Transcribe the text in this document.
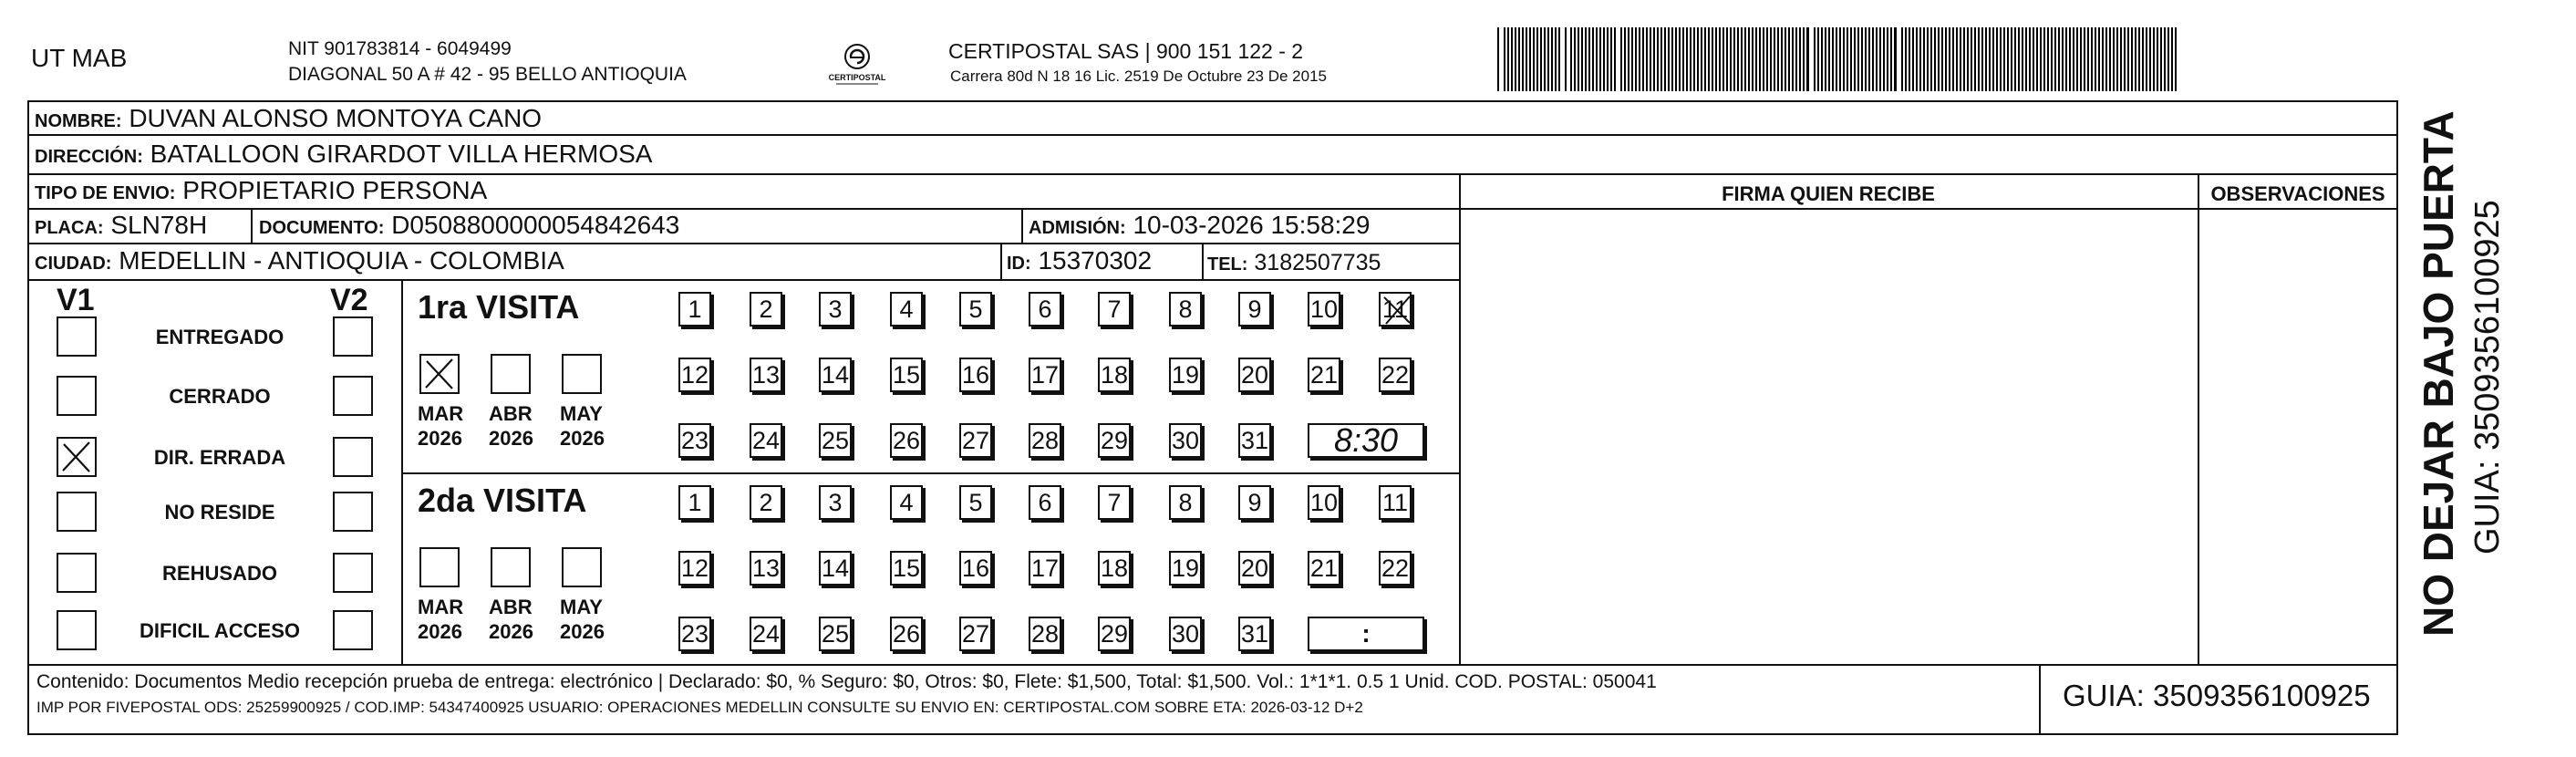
UT MAB	NIT 901783814 - 6049499
DIAGONAL 50 A # 42 - 95 BELLO ANTIOQUIA	CERTIPOSTAL
CERTIPOSTAL SAS | 900 151 122 - 2
Carrera 80d N 18 16 Lic. 2519 De Octubre 23 De 2015
NOMBRE: DUVAN ALONSO MONTOYA CANO
DIRECCIÓN: BATALLOON GIRARDOT VILLA HERMOSA
TIPO DE ENVIO: PROPIETARIO PERSONA	FIRMA QUIEN RECIBE	OBSERVACIONES
PLACA: SLN78H	DOCUMENTO: D0508800000054842643	ADMISIÓN: 10-03-2026 15:58:29
CIUDAD: MEDELLIN - ANTIOQUIA - COLOMBIA	ID: 15370302	TEL: 3182507735
V1	V2
ENTREGADO
CERRADO
DIR. ERRADA
NO RESIDE
REHUSADO
DIFICIL ACCESO
1ra VISITA
MAR
2026
ABR
2026
MAY
2026
1	2	3	4	5	6	7	8	9	10 11
12 13 14 15 16 17 18 19 20 21 22
23 24 25 26 27 28 29 30 31	8:30
2da VISITA
MAR
2026
ABR
2026
MAY
2026
1	2	3	4	5	6	7	8	9	10 11
12 13 14 15 16 17 18 19 20 21 22
23 24 25 26 27 28 29 30 31	:
Contenido: Documentos Medio recepción prueba de entrega: electrónico | Declarado: $0, % Seguro: $0, Otros: $0, Flete: $1,500, Total: $1,500. Vol.: 1*1*1. 0.5 1 Unid. COD. POSTAL: 050041
IMP POR FIVEPOSTAL ODS: 25259900925 / COD.IMP: 54347400925 USUARIO: OPERACIONES MEDELLIN CONSULTE SU ENVIO EN: CERTIPOSTAL.COM SOBRE ETA: 2026-03-12 D+2	GUIA: 3509356100925
NO DEJAR BAJO PUERTA GUIA: 3509356100925
